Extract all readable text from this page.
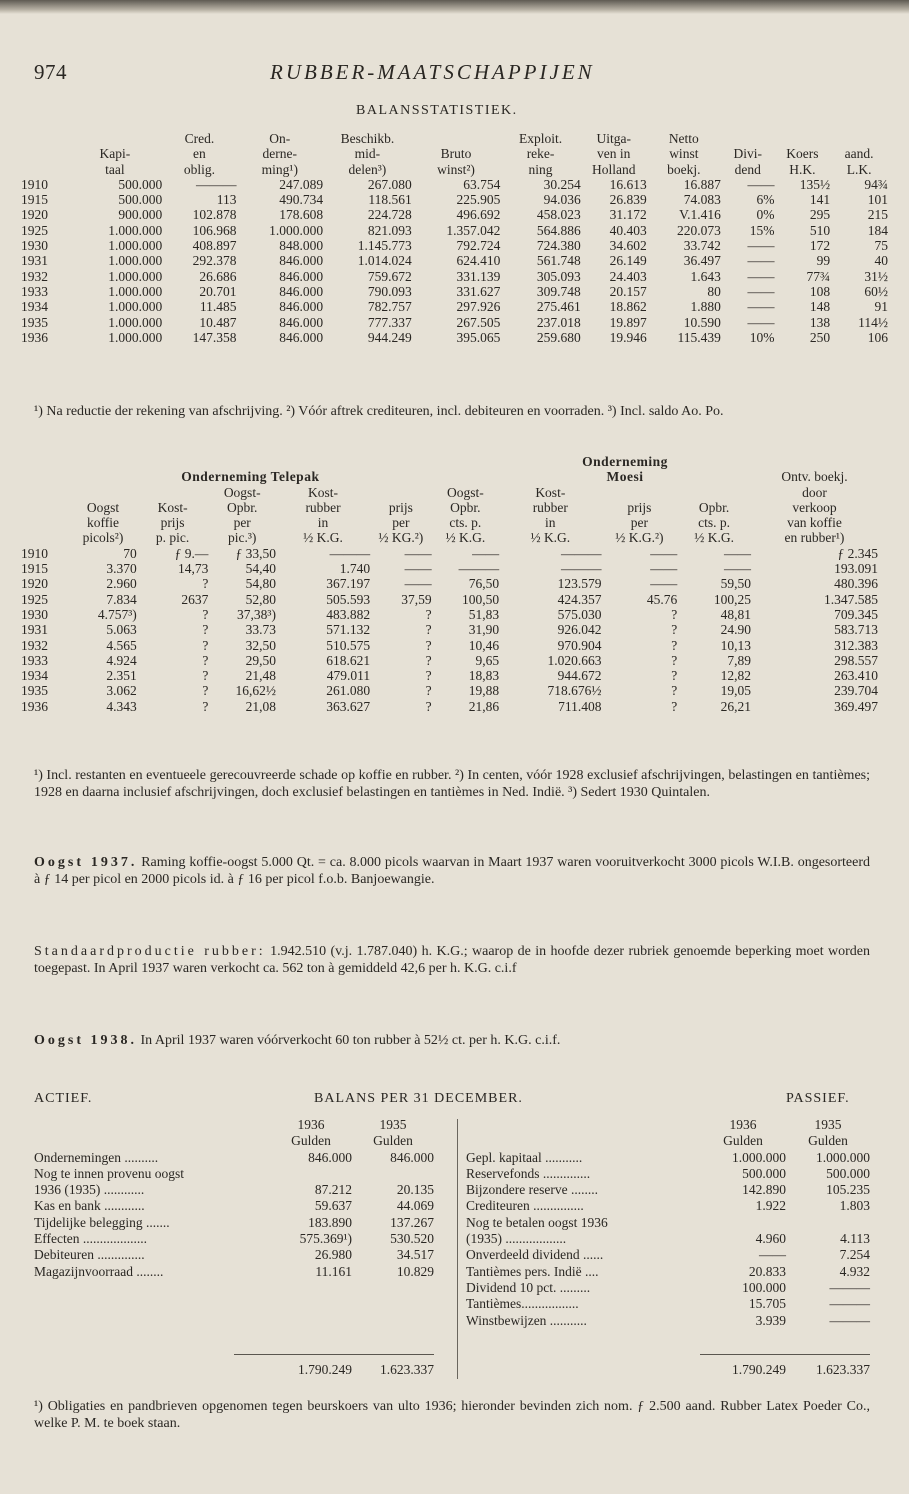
974	RUBBER-MAATSCHAPPIJEN
BALANSSTATISTIEK.
		Cred.	On-	Beschikb.		Exploit.	Uitga-	Netto			
	Kapi-	en	derne-	mid-	Bruto	reke-	ven in	winst	Divi-	Koers	aand.
	taal	oblig.	ming¹)	delen³)	winst²)	ning	Holland	boekj.	dend	H.K.	L.K.
1910	500.000	———	247.089	267.080	63.754	30.254	16.613	16.887	——	135½	94¾
1915	500.000	113	490.734	118.561	225.905	94.036	26.839	74.083	6%	141	101
1920	900.000	102.878	178.608	224.728	496.692	458.023	31.172	V.1.416	0%	295	215
1925	1.000.000	106.968	1.000.000	821.093	1.357.042	564.886	40.403	220.073	15%	510	184
1930	1.000.000	408.897	848.000	1.145.773	792.724	724.380	34.602	33.742	——	172	75
1931	1.000.000	292.378	846.000	1.014.024	624.410	561.748	26.149	36.497	——	99	40
1932	1.000.000	26.686	846.000	759.672	331.139	305.093	24.403	1.643	——	77¾	31½
1933	1.000.000	20.701	846.000	790.093	331.627	309.748	20.157	80	——	108	60½
1934	1.000.000	11.485	846.000	782.757	297.926	275.461	18.862	1.880	——	148	91
1935	1.000.000	10.487	846.000	777.337	267.505	237.018	19.897	10.590	——	138	114½
1936	1.000.000	147.358	846.000	944.249	395.065	259.680	19.946	115.439	10%	250	106
¹) Na reductie der rekening van afschrijving. ²) Vóór aftrek crediteuren, incl. debiteuren en voorraden. ³) Incl. saldo Ao. Po.
							Onderneming			
	Onderneming Telepak						Moesi			Ontv. boekj.
			Oogst-	Kost-		Oogst-	Kost-			door
	Oogst	Kost-	Opbr.	rubber	prijs	Opbr.	rubber	prijs	Opbr.	verkoop
	koffie	prijs	per	in	per	cts. p.	in	per	cts. p.	van koffie
	picols²)	p. pic.	pic.³)	½ K.G.	½ KG.²)	½ K.G.	½ K.G.	½ K.G.²)	½ K.G.	en rubber¹)
1910	70	ƒ 9.—	ƒ 33,50	———	——	——	———	——	——	ƒ 2.345
1915	3.370	14,73	54,40	1.740	——	———	———	——	——	193.091
1920	2.960	?	54,80	367.197	——	76,50	123.579	——	59,50	480.396
1925	7.834	2637	52,80	505.593	37,59	100,50	424.357	45.76	100,25	1.347.585
1930	4.757³)	?	37,38³)	483.882	?	51,83	575.030	?	48,81	709.345
1931	5.063	?	33.73	571.132	?	31,90	926.042	?	24.90	583.713
1932	4.565	?	32,50	510.575	?	10,46	970.904	?	10,13	312.383
1933	4.924	?	29,50	618.621	?	9,65	1.020.663	?	7,89	298.557
1934	2.351	?	21,48	479.011	?	18,83	944.672	?	12,82	263.410
1935	3.062	?	16,62½	261.080	?	19,88	718.676½	?	19,05	239.704
1936	4.343	?	21,08	363.627	?	21,86	711.408	?	26,21	369.497
¹) Incl. restanten en eventueele gerecouvreerde schade op koffie en rubber. ²) In centen, vóór 1928 exclusief afschrijvingen, belastingen en tantièmes; 1928 en daarna inclusief afschrijvingen, doch exclusief belastingen en tantièmes in Ned. Indië. ³) Sedert 1930 Quintalen.
Oogst 1937. Raming koffie-oogst 5.000 Qt. = ca. 8.000 picols waarvan in Maart 1937 waren vooruitverkocht 3000 picols W.I.B. ongesorteerd à ƒ 14 per picol en 2000 picols id. à ƒ 16 per picol f.o.b. Banjoewangie.
Standaardproductie rubber: 1.942.510 (v.j. 1.787.040) h. K.G.; waarop de in hoofde dezer rubriek genoemde beperking moet worden toegepast. In April 1937 waren verkocht ca. 562 ton à gemiddeld 42,6 per h. K.G. c.i.f
Oogst 1938. In April 1937 waren vóórverkocht 60 ton rubber à 52½ ct. per h. K.G. c.i.f.
ACTIEF.	BALANS PER 31 DECEMBER.	PASSIEF.
	1936	1935
	Gulden	Gulden
Ondernemingen ..........	846.000	846.000
Nog te innen provenu oogst		
1936 (1935) ............	87.212	20.135
Kas en bank ............	59.637	44.069
Tijdelijke belegging .......	183.890	137.267
Effecten ...................	575.369¹)	530.520
Debiteuren ..............	26.980	34.517
Magazijnvoorraad ........	11.161	10.829
	1936	1935
	Gulden	Gulden
Gepl. kapitaal ...........	1.000.000	1.000.000
Reservefonds ..............	500.000	500.000
Bijzondere reserve ........	142.890	105.235
Crediteuren ...............	1.922	1.803
Nog te betalen oogst 1936		
(1935) ..................	4.960	4.113
Onverdeeld dividend ......	——	7.254
Tantièmes pers. Indië ....	20.833	4.932
Dividend 10 pct. .........	100.000	———
Tantièmes.................	15.705	———
Winstbewijzen ...........	3.939	———
1.790.249	1.623.337	1.790.249	1.623.337
¹) Obligaties en pandbrieven opgenomen tegen beurskoers van ulto 1936; hieronder bevinden zich nom. ƒ 2.500 aand. Rubber Latex Poeder Co., welke P. M. te boek staan.
